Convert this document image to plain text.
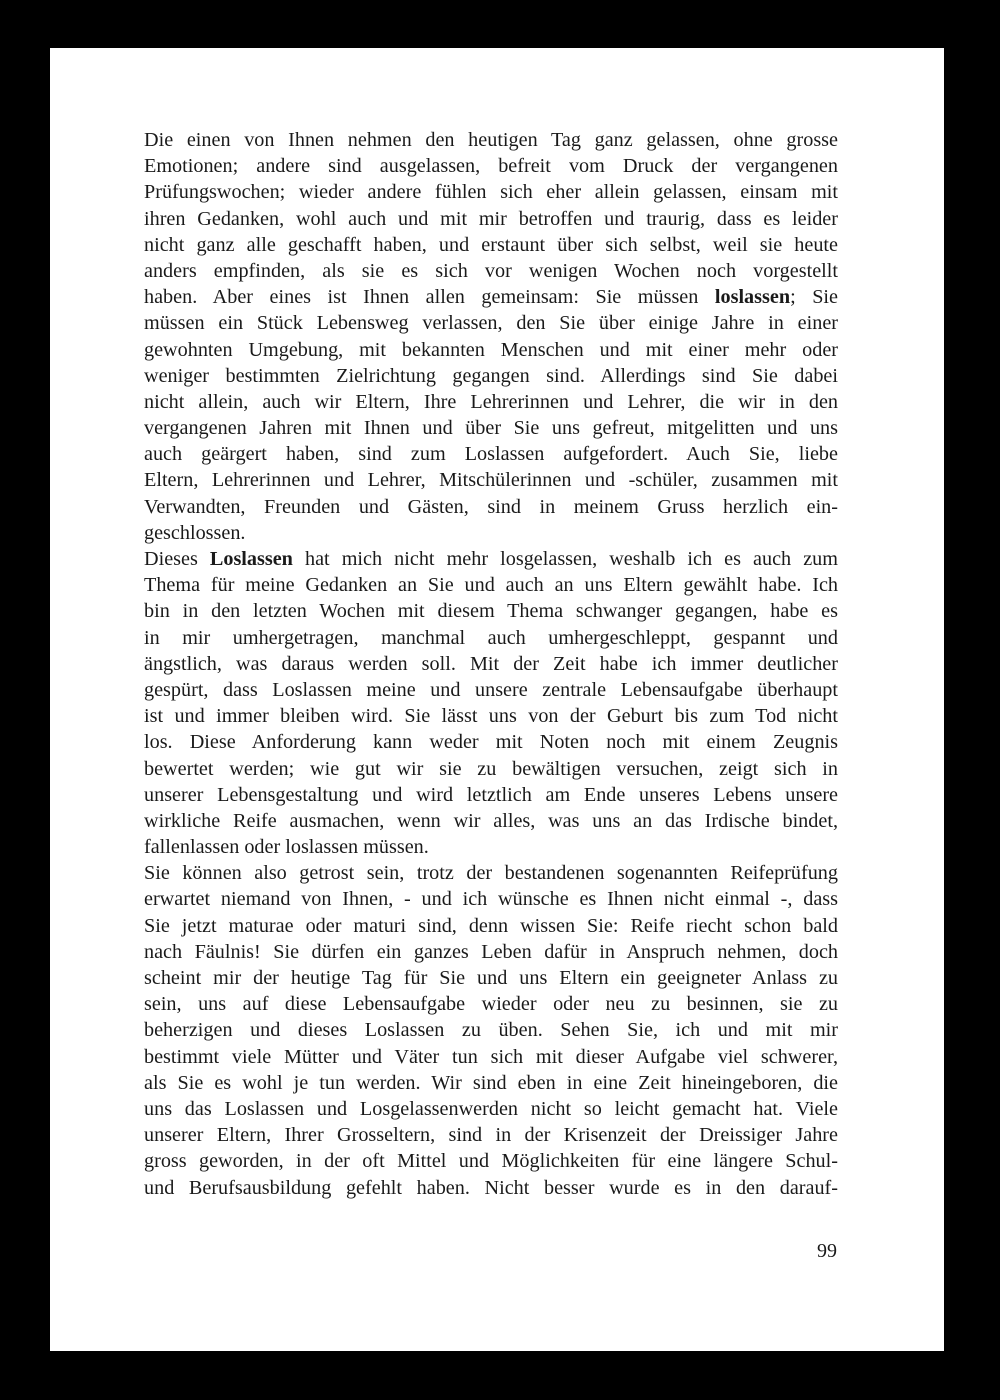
Die einen von Ihnen nehmen den heutigen Tag ganz gelassen, ohne grosse
Emotionen; andere sind ausgelassen, befreit vom Druck der vergangenen
Prüfungswochen; wieder andere fühlen sich eher allein gelassen, einsam mit
ihren Gedanken, wohl auch und mit mir betroffen und traurig, dass es leider
nicht ganz alle geschafft haben, und erstaunt über sich selbst, weil sie heute
anders empfinden, als sie es sich vor wenigen Wochen noch vorgestellt
haben. Aber eines ist Ihnen allen gemeinsam: Sie müssen loslassen; Sie
müssen ein Stück Lebensweg verlassen, den Sie über einige Jahre in einer
gewohnten Umgebung, mit bekannten Menschen und mit einer mehr oder
weniger bestimmten Zielrichtung gegangen sind. Allerdings sind Sie dabei
nicht allein, auch wir Eltern, Ihre Lehrerinnen und Lehrer, die wir in den
vergangenen Jahren mit Ihnen und über Sie uns gefreut, mitgelitten und uns
auch geärgert haben, sind zum Loslassen aufgefordert. Auch Sie, liebe
Eltern, Lehrerinnen und Lehrer, Mitschülerinnen und -schüler, zusammen mit
Verwandten, Freunden und Gästen, sind in meinem Gruss herzlich ein-
geschlossen.
Dieses Loslassen hat mich nicht mehr losgelassen, weshalb ich es auch zum
Thema für meine Gedanken an Sie und auch an uns Eltern gewählt habe. Ich
bin in den letzten Wochen mit diesem Thema schwanger gegangen, habe es
in mir umhergetragen, manchmal auch umhergeschleppt, gespannt und
ängstlich, was daraus werden soll. Mit der Zeit habe ich immer deutlicher
gespürt, dass Loslassen meine und unsere zentrale Lebensaufgabe überhaupt
ist und immer bleiben wird. Sie lässt uns von der Geburt bis zum Tod nicht
los. Diese Anforderung kann weder mit Noten noch mit einem Zeugnis
bewertet werden; wie gut wir sie zu bewältigen versuchen, zeigt sich in
unserer Lebensgestaltung und wird letztlich am Ende unseres Lebens unsere
wirkliche Reife ausmachen, wenn wir alles, was uns an das Irdische bindet,
fallenlassen oder loslassen müssen.
Sie können also getrost sein, trotz der bestandenen sogenannten Reifeprüfung
erwartet niemand von Ihnen, - und ich wünsche es Ihnen nicht einmal -, dass
Sie jetzt maturae oder maturi sind, denn wissen Sie: Reife riecht schon bald
nach Fäulnis! Sie dürfen ein ganzes Leben dafür in Anspruch nehmen, doch
scheint mir der heutige Tag für Sie und uns Eltern ein geeigneter Anlass zu
sein, uns auf diese Lebensaufgabe wieder oder neu zu besinnen, sie zu
beherzigen und dieses Loslassen zu üben. Sehen Sie, ich und mit mir
bestimmt viele Mütter und Väter tun sich mit dieser Aufgabe viel schwerer,
als Sie es wohl je tun werden. Wir sind eben in eine Zeit hineingeboren, die
uns das Loslassen und Losgelassenwerden nicht so leicht gemacht hat. Viele
unserer Eltern, Ihrer Grosseltern, sind in der Krisenzeit der Dreissiger Jahre
gross geworden, in der oft Mittel und Möglichkeiten für eine längere Schul-
und Berufsausbildung gefehlt haben. Nicht besser wurde es in den darauf-
99
